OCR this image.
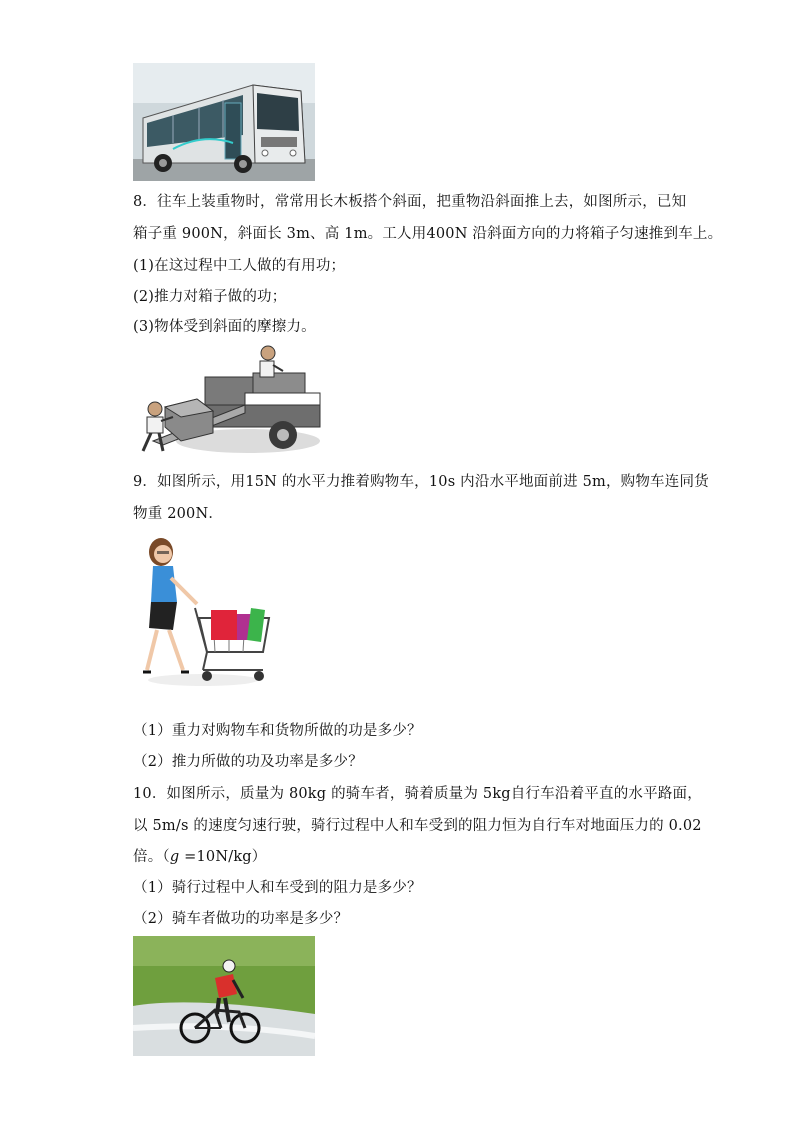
8．往车上装重物时，常常用长木板搭个斜面，把重物沿斜面推上去，如图所示，已知
箱子重 900N，斜面长 3m、高 1m。工人用400N 沿斜面方向的力将箱子匀速推到车上。
(1)在这过程中工人做的有用功；
(2)推力对箱子做的功；
(3)物体受到斜面的摩擦力。
9．如图所示，用15N 的水平力推着购物车，10s 内沿水平地面前进 5m，购物车连同货
物重 200N．
（1）重力对购物车和货物所做的功是多少？
（2）推力所做的功及功率是多少？
10．如图所示，质量为 80kg 的骑车者，骑着质量为 5kg自行车沿着平直的水平路面，
以 5m/s 的速度匀速行驶，骑行过程中人和车受到的阻力恒为自行车对地面压力的 0.02
倍。（g =10N/kg）
（1）骑行过程中人和车受到的阻力是多少？
（2）骑车者做功的功率是多少？
